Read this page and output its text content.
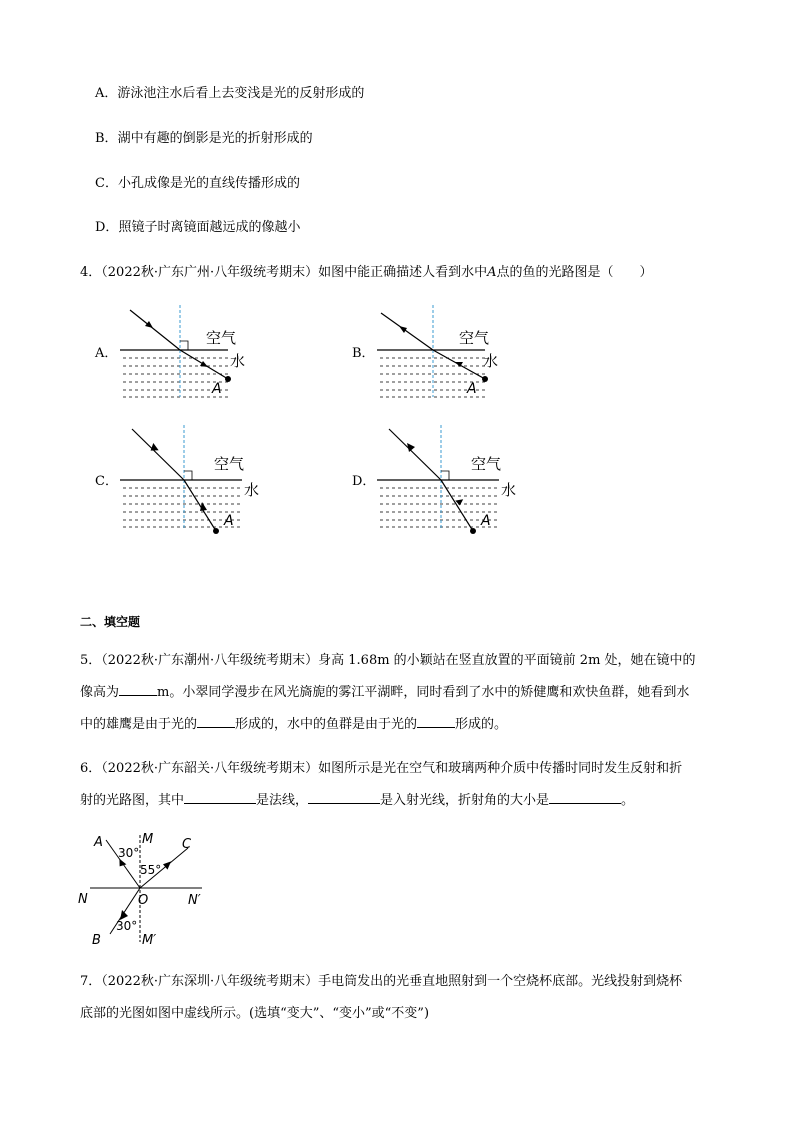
A．游泳池注水后看上去变浅是光的反射形成的
B．湖中有趣的倒影是光的折射形成的
C．小孔成像是光的直线传播形成的
D．照镜子时离镜面越远成的像越小
4．（2022秋·广东广州·八年级统考期末）如图中能正确描述人看到水中A点的鱼的光路图是（　　）
A．	B．
C．	D．
空气
水
A
空气
水
A
空气
水
A
空气
水
A
二、填空题
5．（2022秋·广东潮州·八年级统考期末）身高 1.68m 的小颖站在竖直放置的平面镜前 2m 处，她在镜中的
像高为	m。小翠同学漫步在风光旖旎的雾江平湖畔，同时看到了水中的矫健鹰和欢快鱼群，她看到水
中的雄鹰是由于光的	形成的，水中的鱼群是由于光的	形成的。
6．（2022秋·广东韶关·八年级统考期末）如图所示是光在空气和玻璃两种介质中传播时同时发生反射和折
射的光路图，其中	是法线，	是入射光线，折射角的大小是	。
A	M C
30°
55°
N	O	N′
30°
B	M′
7．（2022秋·广东深圳·八年级统考期末）手电筒发出的光垂直地照射到一个空烧杯底部。光线投射到烧杯
底部的光图如图中虚线所示。(选填“变大”、“变小”或“不变”)
